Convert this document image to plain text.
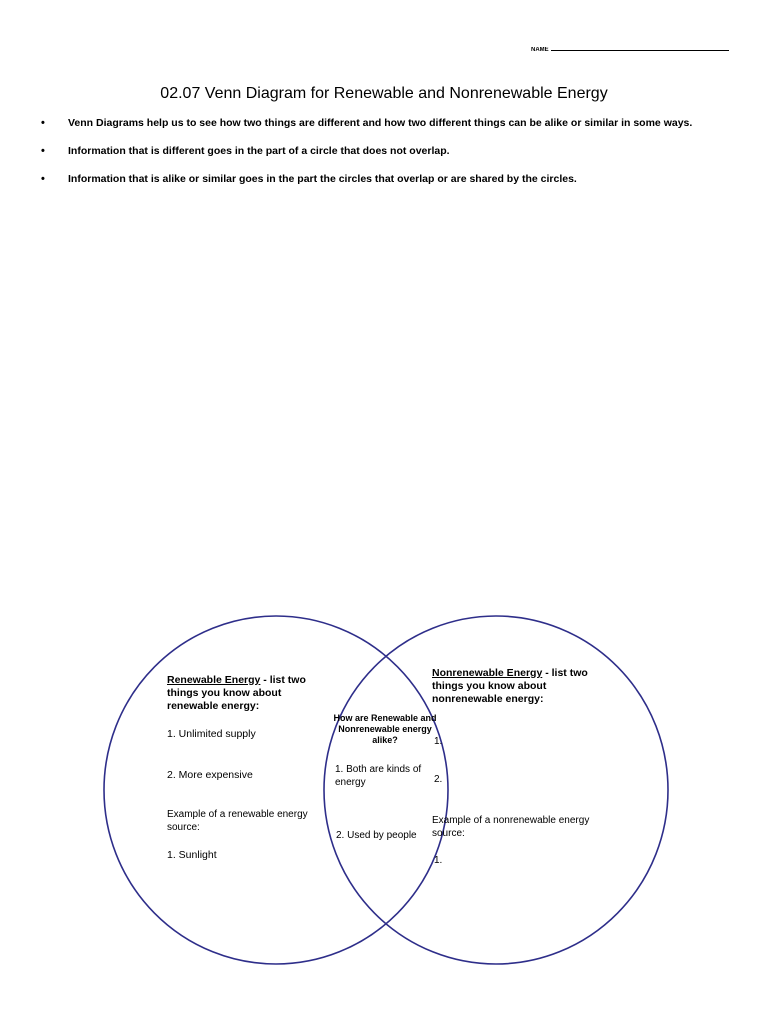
NAME
02.07 Venn Diagram for Renewable and Nonrenewable Energy
• Venn Diagrams help us to see how two things are different and how two different things can be alike or similar in some ways.
• Information that is different goes in the part of a circle that does not overlap.
• Information that is alike or similar goes in the part the circles that overlap or are shared by the circles.
Renewable Energy - list two things you know about renewable energy:
1. Unlimited supply
2. More expensive
Example of a renewable energy source:
1. Sunlight
How are Renewable and Nonrenewable energy alike?
1. Both are kinds of energy
2. Used by people
Nonrenewable Energy - list two things you know about nonrenewable energy:
1.
2.
Example of a nonrenewable energy source:
1.
